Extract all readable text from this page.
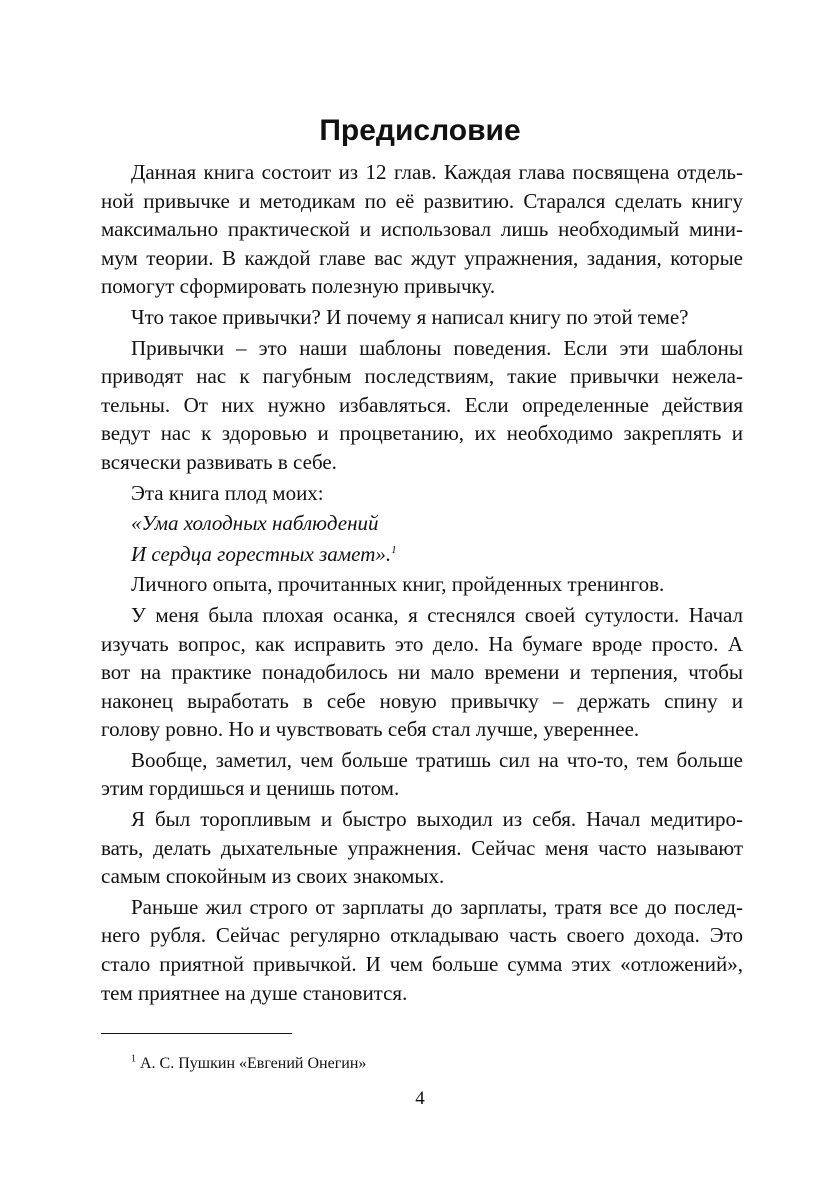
Предисловие
Данная книга состоит из 12 глав. Каждая глава посвящена отдель-
ной привычке и методикам по её развитию. Старался сделать книгу
максимально практической и использовал лишь необходимый мини-
мум теории. В каждой главе вас ждут упражнения, задания, которые
помогут сформировать полезную привычку.
Что такое привычки? И почему я написал книгу по этой теме?
Привычки – это наши шаблоны поведения. Если эти шаблоны
приводят нас к пагубным последствиям, такие привычки нежела-
тельны. От них нужно избавляться. Если определенные действия
ведут нас к здоровью и процветанию, их необходимо закреплять и
всячески развивать в себе.
Эта книга плод моих:
«Ума холодных наблюдений
И сердца горестных замет».$^1$
Личного опыта, прочитанных книг, пройденных тренингов.
У меня была плохая осанка, я стеснялся своей сутулости. Начал
изучать вопрос, как исправить это дело. На бумаге вроде просто. А
вот на практике понадобилось ни мало времени и терпения, чтобы
наконец выработать в себе новую привычку – держать спину и
голову ровно. Но и чувствовать себя стал лучше, увереннее.
Вообще, заметил, чем больше тратишь сил на что-то, тем больше
этим гордишься и ценишь потом.
Я был торопливым и быстро выходил из себя. Начал медитиро-
вать, делать дыхательные упражнения. Сейчас меня часто называют
самым спокойным из своих знакомых.
Раньше жил строго от зарплаты до зарплаты, тратя все до послед-
него рубля. Сейчас регулярно откладываю часть своего дохода. Это
стало приятной привычкой. И чем больше сумма этих «отложений»,
тем приятнее на душе становится.
$^1$ А. С. Пушкин «Евгений Онегин»
4
